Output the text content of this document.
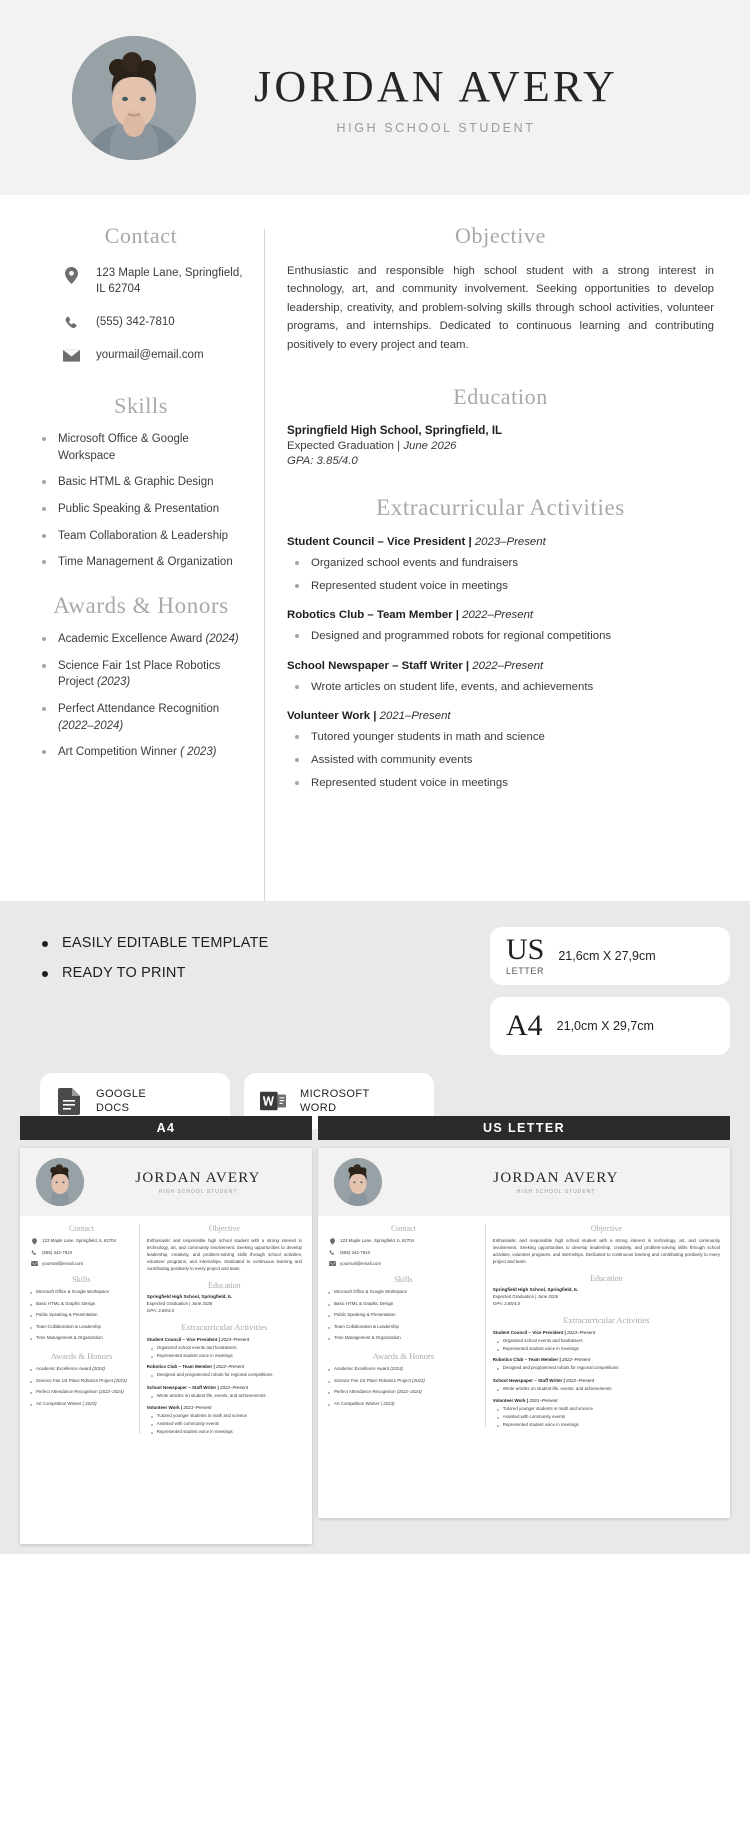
JORDAN AVERY
HIGH SCHOOL STUDENT
Contact
123 Maple Lane, Springfield, IL 62704
(555) 342-7810
yourmail@email.com
Skills
Microsoft Office & Google Workspace
Basic HTML & Graphic Design
Public Speaking & Presentation
Team Collaboration & Leadership
Time Management & Organization
Awards & Honors
Academic Excellence Award (2024)
Science Fair 1st Place Robotics Project (2023)
Perfect Attendance Recognition (2022–2024)
Art Competition Winner ( 2023)
Objective
Enthusiastic and responsible high school student with a strong interest in technology, art, and community involvement. Seeking opportunities to develop leadership, creativity, and problem-solving skills through school activities, volunteer programs, and internships. Dedicated to continuous learning and contributing positively to every project and team.
Education
Springfield High School, Springfield, IL
Expected Graduation | June 2026
GPA: 3.85/4.0
Extracurricular Activities
Student Council – Vice President | 2023–Present
Organized school events and fundraisers
Represented student voice in meetings
Robotics Club – Team Member | 2022–Present
Designed and programmed robots for regional competitions
School Newspaper – Staff Writer | 2022–Present
Wrote articles on student life, events, and achievements
Volunteer Work | 2021–Present
Tutored younger students in math and science
Assisted with community events
Represented student voice in meetings
EASILY EDITABLE TEMPLATE
READY TO PRINT
US
LETTER
21,6cm X 27,9cm
A4 21,0cm X 29,7cm
GOOGLE
DOCS
MICROSOFT
WORD
A4	US LETTER
JORDAN AVERY
HIGH SCHOOL STUDENT
Contact
123 Maple Lane, Springfield, IL 62704
(555) 342-7810
yourmail@email.com
Skills
Microsoft Office & Google Workspace
Basic HTML & Graphic Design
Public Speaking & Presentation
Team Collaboration & Leadership
Time Management & Organization
Awards & Honors
Academic Excellence Award (2024)
Science Fair 1st Place Robotics Project (2023)
Perfect Attendance Recognition (2022–2024)
Art Competition Winner ( 2023)
Objective
Enthusiastic and responsible high school student with a strong interest in technology, art, and community involvement. Seeking opportunities to develop leadership, creativity, and problem-solving skills through school activities, volunteer programs, and internships. Dedicated to continuous learning and contributing positively to every project and team.
Education
Springfield High School, Springfield, IL
Expected Graduation | June 2026
GPA: 3.85/4.0
Extracurricular Activities
Student Council – Vice President | 2023–Present
Organized school events and fundraisers
Represented student voice in meetings
Robotics Club – Team Member | 2022–Present
Designed and programmed robots for regional competitions
School Newspaper – Staff Writer | 2022–Present
Wrote articles on student life, events, and achievements
Volunteer Work | 2021–Present
Tutored younger students in math and science
Assisted with community events
Represented student voice in meetings
JORDAN AVERY
HIGH SCHOOL STUDENT
Contact
123 Maple Lane, Springfield, IL 62704
(555) 342-7810
yourmail@email.com
Skills
Microsoft Office & Google Workspace
Basic HTML & Graphic Design
Public Speaking & Presentation
Team Collaboration & Leadership
Time Management & Organization
Awards & Honors
Academic Excellence Award (2024)
Science Fair 1st Place Robotics Project (2023)
Perfect Attendance Recognition (2022–2024)
Art Competition Winner ( 2023)
Objective
Enthusiastic and responsible high school student with a strong interest in technology, art, and community involvement. Seeking opportunities to develop leadership, creativity, and problem-solving skills through school activities, volunteer programs, and internships. Dedicated to continuous learning and contributing positively to every project and team.
Education
Springfield High School, Springfield, IL
Expected Graduation | June 2026
GPA: 3.85/4.0
Extracurricular Activities
Student Council – Vice President | 2023–Present
Organized school events and fundraisers
Represented student voice in meetings
Robotics Club – Team Member | 2022–Present
Designed and programmed robots for regional competitions
School Newspaper – Staff Writer | 2022–Present
Wrote articles on student life, events, and achievements
Volunteer Work | 2021–Present
Tutored younger students in math and science
Assisted with community events
Represented student voice in meetings
